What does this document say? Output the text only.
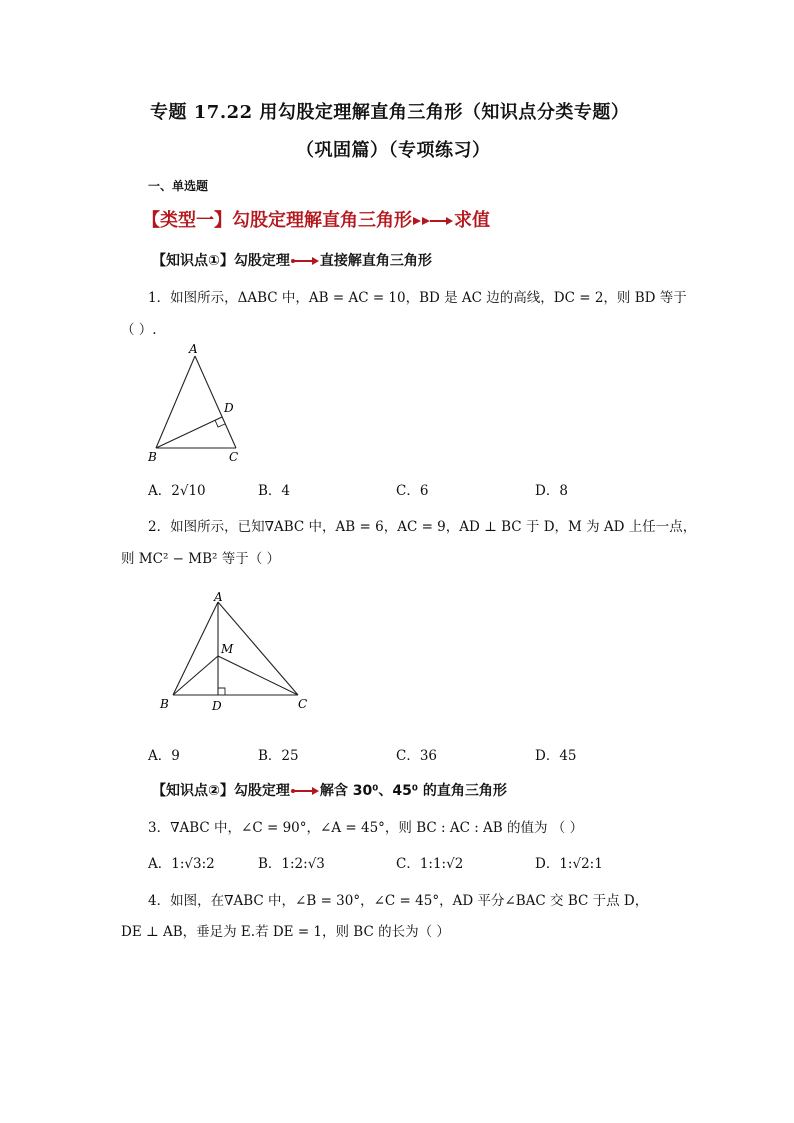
专题 17.22 用勾股定理解直角三角形（知识点分类专题）
（巩固篇）（专项练习）
一、单选题
【类型一】勾股定理解直角三角形 求值
【知识点①】勾股定理 直接解直角三角形
1．如图所示，ΔABC 中，AB = AC = 10，BD 是 AC 边的高线，DC = 2，则 BD 等于
（ ）.
A
D
B	C
A．2√10	B．4	C．6	D．8
2．如图所示，已知∇ABC 中，AB = 6，AC = 9，AD ⊥ BC 于 D，M 为 AD 上任一点，
则 MC² − MB² 等于（ ）
A
M
B	D	C
A．9	B．25	C．36	D．45
【知识点②】勾股定理 解含 30⁰、45⁰ 的直角三角形
3．∇ABC 中，∠C = 90°，∠A = 45°，则 BC : AC : AB 的值为 （ ）
A．1:√3:2	B．1:2:√3	C．1:1:√2	D．1:√2:1
4．如图，在∇ABC 中，∠B = 30°，∠C = 45°，AD 平分∠BAC 交 BC 于点 D，
DE ⊥ AB，垂足为 E.若 DE = 1，则 BC 的长为（ ）
